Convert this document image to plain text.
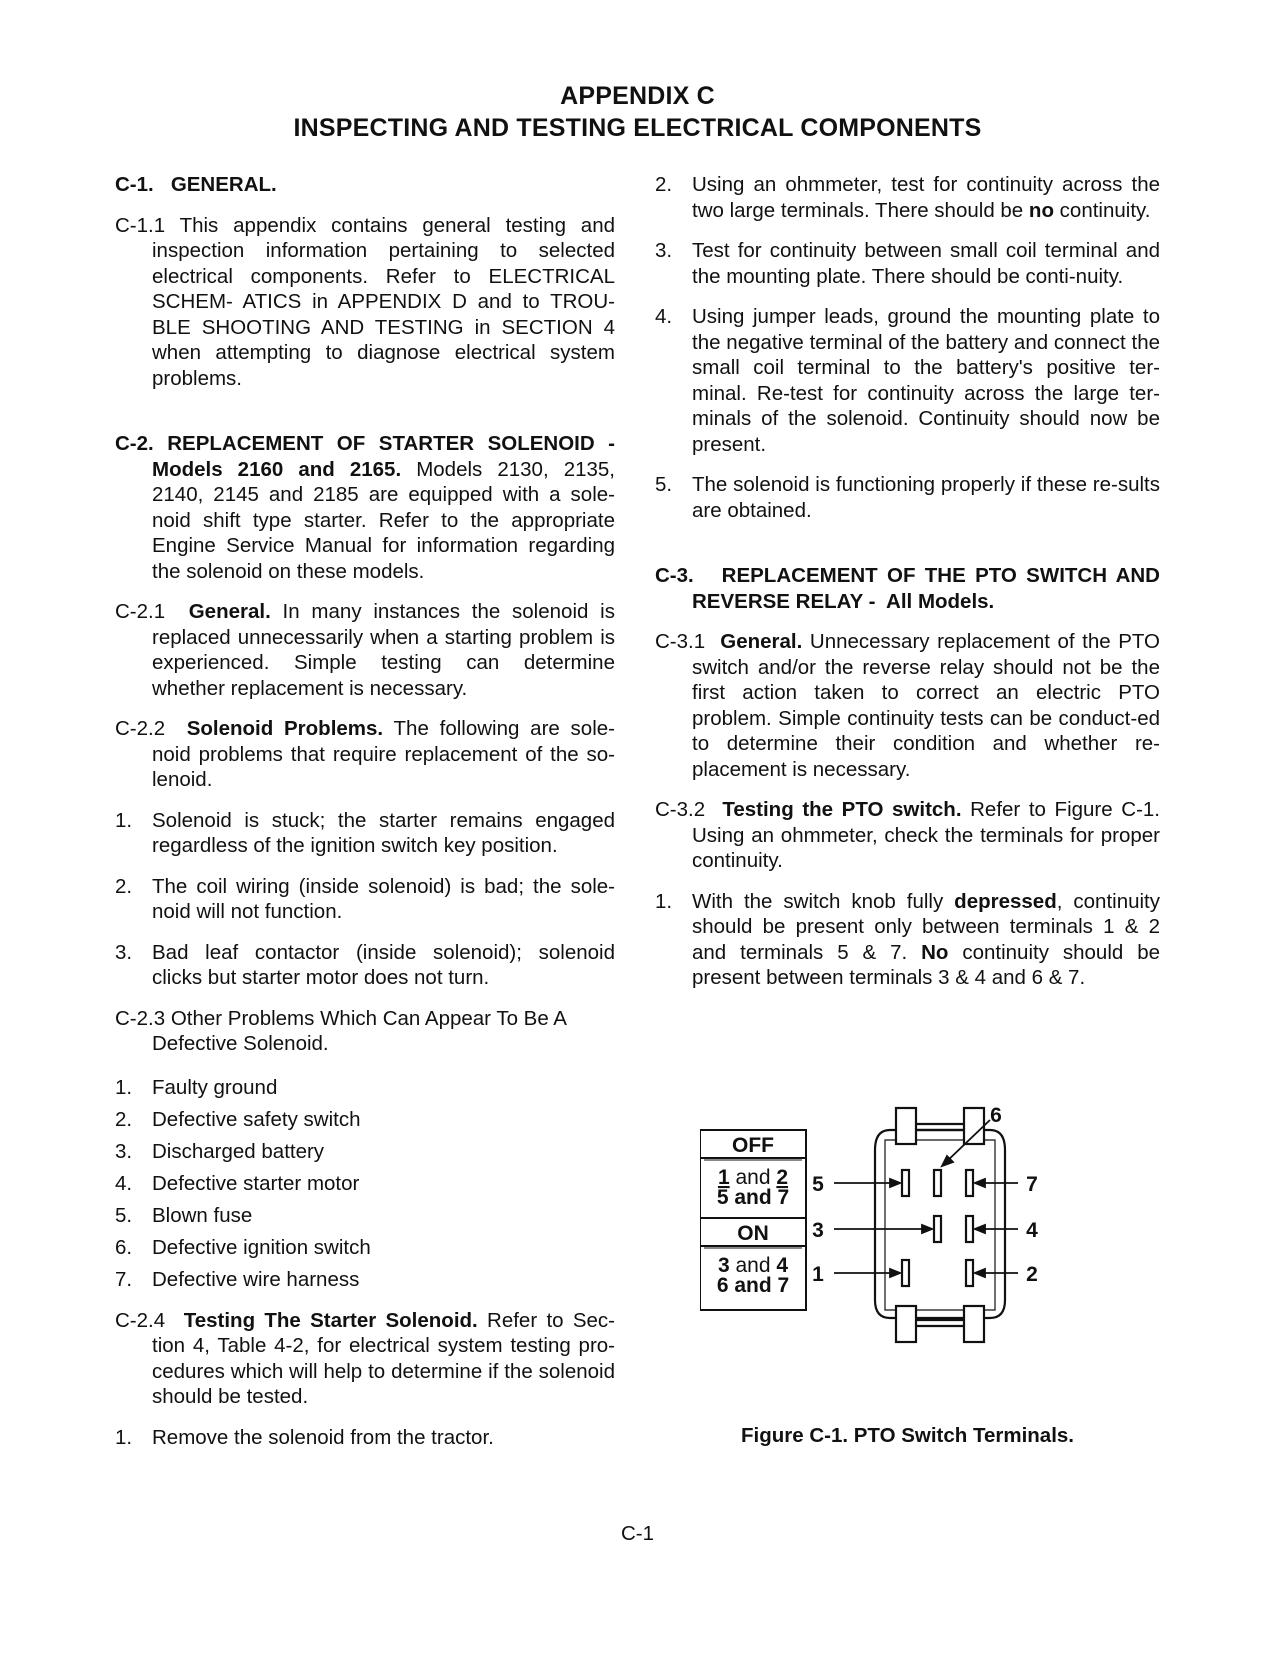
APPENDIX C
INSPECTING AND TESTING ELECTRICAL COMPONENTS
C-1.   GENERAL.
C-1.1 This appendix contains general testing and inspection information pertaining to selected electrical components. Refer to ELECTRICAL SCHEM- ATICS in APPENDIX D and to TROU-BLE SHOOTING AND TESTING in SECTION 4 when attempting to diagnose electrical system problems.
C-2. REPLACEMENT OF STARTER SOLENOID - Models 2160 and 2165. Models 2130, 2135, 2140, 2145 and 2185 are equipped with a sole-noid shift type starter. Refer to the appropriate Engine Service Manual for information regarding the solenoid on these models.
C-2.1 General. In many instances the solenoid is replaced unnecessarily when a starting problem is experienced. Simple testing can determine whether replacement is necessary.
C-2.2 Solenoid Problems. The following are sole-noid problems that require replacement of the so-lenoid.
1. Solenoid is stuck; the starter remains engaged regardless of the ignition switch key position.
2. The coil wiring (inside solenoid) is bad; the sole-noid will not function.
3. Bad leaf contactor (inside solenoid); solenoid clicks but starter motor does not turn.
C-2.3 Other Problems Which Can Appear To Be A Defective Solenoid.
1. Faulty ground
2. Defective safety switch
3. Discharged battery
4. Defective starter motor
5. Blown fuse
6. Defective ignition switch
7. Defective wire harness
C-2.4 Testing The Starter Solenoid. Refer to Sec-tion 4, Table 4-2, for electrical system testing pro-cedures which will help to determine if the solenoid should be tested.
1. Remove the solenoid from the tractor.
2. Using an ohmmeter, test for continuity across the two large terminals. There should be no continuity.
3. Test for continuity between small coil terminal and the mounting plate. There should be conti-nuity.
4. Using jumper leads, ground the mounting plate to the negative terminal of the battery and connect the small coil terminal to the battery's positive ter-minal. Re-test for continuity across the large ter-minals of the solenoid. Continuity should now be present.
5. The solenoid is functioning properly if these re-sults are obtained.
C-3.   REPLACEMENT OF THE PTO SWITCH AND REVERSE RELAY -  All Models.
C-3.1 General. Unnecessary replacement of the PTO switch and/or the reverse relay should not be the first action taken to correct an electric PTO problem. Simple continuity tests can be conduct-ed to determine their condition and whether re-placement is necessary.
C-3.2 Testing the PTO switch. Refer to Figure C-1. Using an ohmmeter, check the terminals for proper continuity.
1. With the switch knob fully depressed, continuity should be present only between terminals 1 & 2 and terminals 5 & 7. No continuity should be present between terminals 3 & 4 and 6 & 7.
OFF
1 and 2
5 and 7
ON
3 and 4
6 and 7
5
3
1
7
4
2
6
Figure C-1. PTO Switch Terminals.
C-1
